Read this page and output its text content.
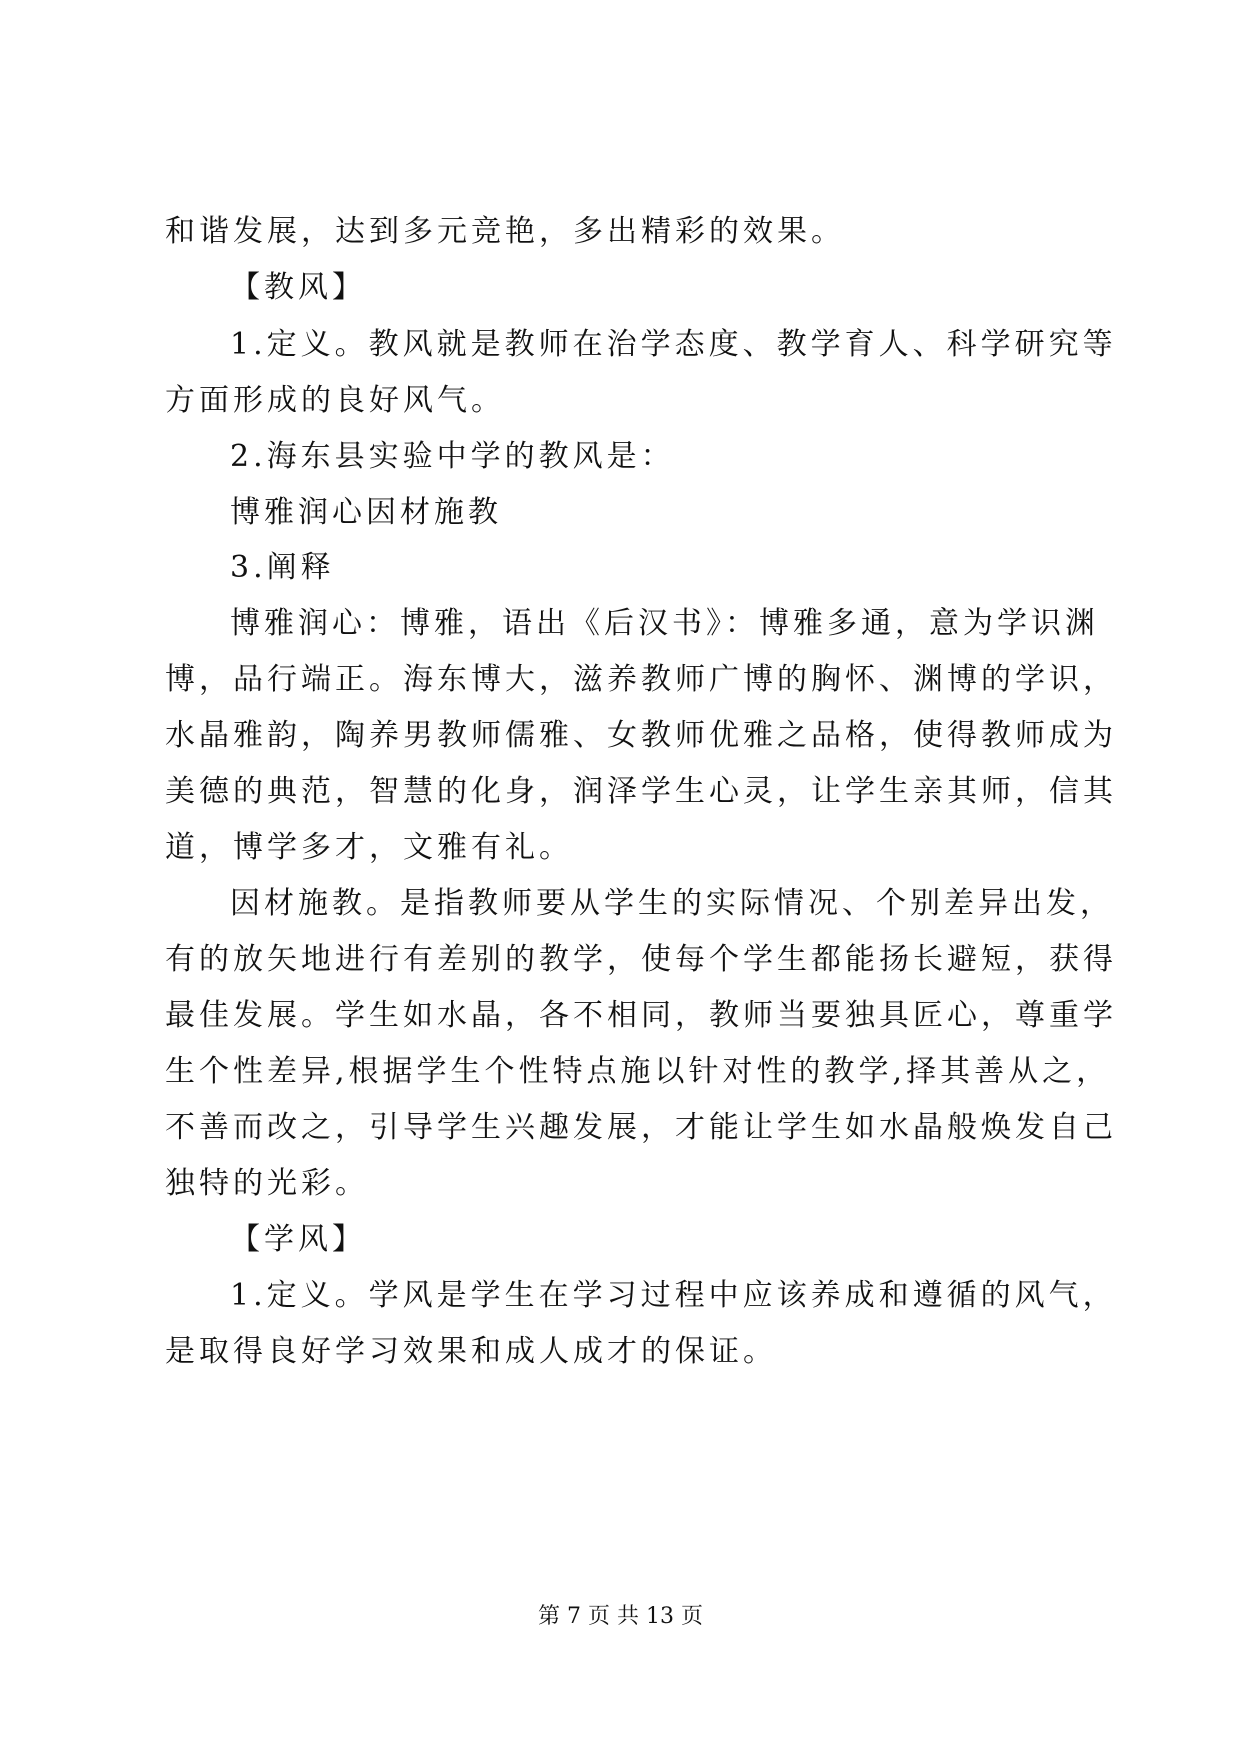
和谐发展，达到多元竞艳，多出精彩的效果。
【教风】
1.定义。教风就是教师在治学态度、教学育人、科学研究等
方面形成的良好风气。
2.海东县实验中学的教风是：
博雅润心因材施教
3.阐释
博雅润心：博雅，语出《后汉书》：博雅多通，意为学识渊
博，品行端正。海东博大，滋养教师广博的胸怀、渊博的学识，
水晶雅韵，陶养男教师儒雅、女教师优雅之品格，使得教师成为
美德的典范，智慧的化身，润泽学生心灵，让学生亲其师，信其
道，博学多才，文雅有礼。
因材施教。是指教师要从学生的实际情况、个别差异出发，
有的放矢地进行有差别的教学，使每个学生都能扬长避短，获得
最佳发展。学生如水晶，各不相同，教师当要独具匠心，尊重学
生个性差异,根据学生个性特点施以针对性的教学,择其善从之，
不善而改之，引导学生兴趣发展，才能让学生如水晶般焕发自己
独特的光彩。
【学风】
1.定义。学风是学生在学习过程中应该养成和遵循的风气，
是取得良好学习效果和成人成才的保证。
第 7 页 共 13 页
